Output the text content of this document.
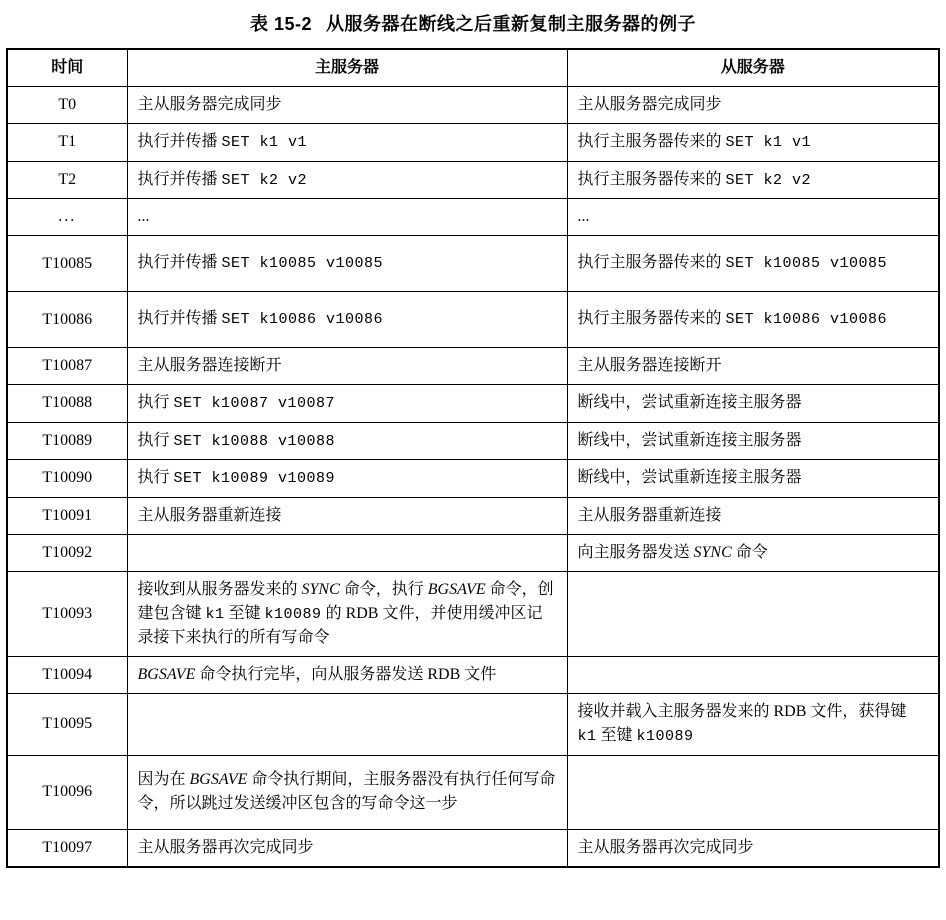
表 15-2 从服务器在断线之后重新复制主服务器的例子
时间	主服务器	从服务器
T0	主从服务器完成同步	主从服务器完成同步
T1	执行并传播 SET k1 v1	执行主服务器传来的 SET k1 v1
T2	执行并传播 SET k2 v2	执行主服务器传来的 SET k2 v2
...	...	...
T10085	执行并传播 SET k10085 v10085	执行主服务器传来的 SET k10085 v10085
T10086	执行并传播 SET k10086 v10086	执行主服务器传来的 SET k10086 v10086
T10087	主从服务器连接断开	主从服务器连接断开
T10088	执行 SET k10087 v10087	断线中，尝试重新连接主服务器
T10089	执行 SET k10088 v10088	断线中，尝试重新连接主服务器
T10090	执行 SET k10089 v10089	断线中，尝试重新连接主服务器
T10091	主从服务器重新连接	主从服务器重新连接
T10092		向主服务器发送 SYNC 命令
T10093	接收到从服务器发来的 SYNC 命令，执行 BGSAVE 命令，创建包含键 k1 至键 k10089 的 RDB 文件，并使用缓冲区记录接下来执行的所有写命令	
T10094	BGSAVE 命令执行完毕，向从服务器发送 RDB 文件	
T10095		接收并载入主服务器发来的 RDB 文件，获得键 k1 至键 k10089
T10096	因为在 BGSAVE 命令执行期间，主服务器没有执行任何写命令，所以跳过发送缓冲区包含的写命令这一步	
T10097	主从服务器再次完成同步	主从服务器再次完成同步
